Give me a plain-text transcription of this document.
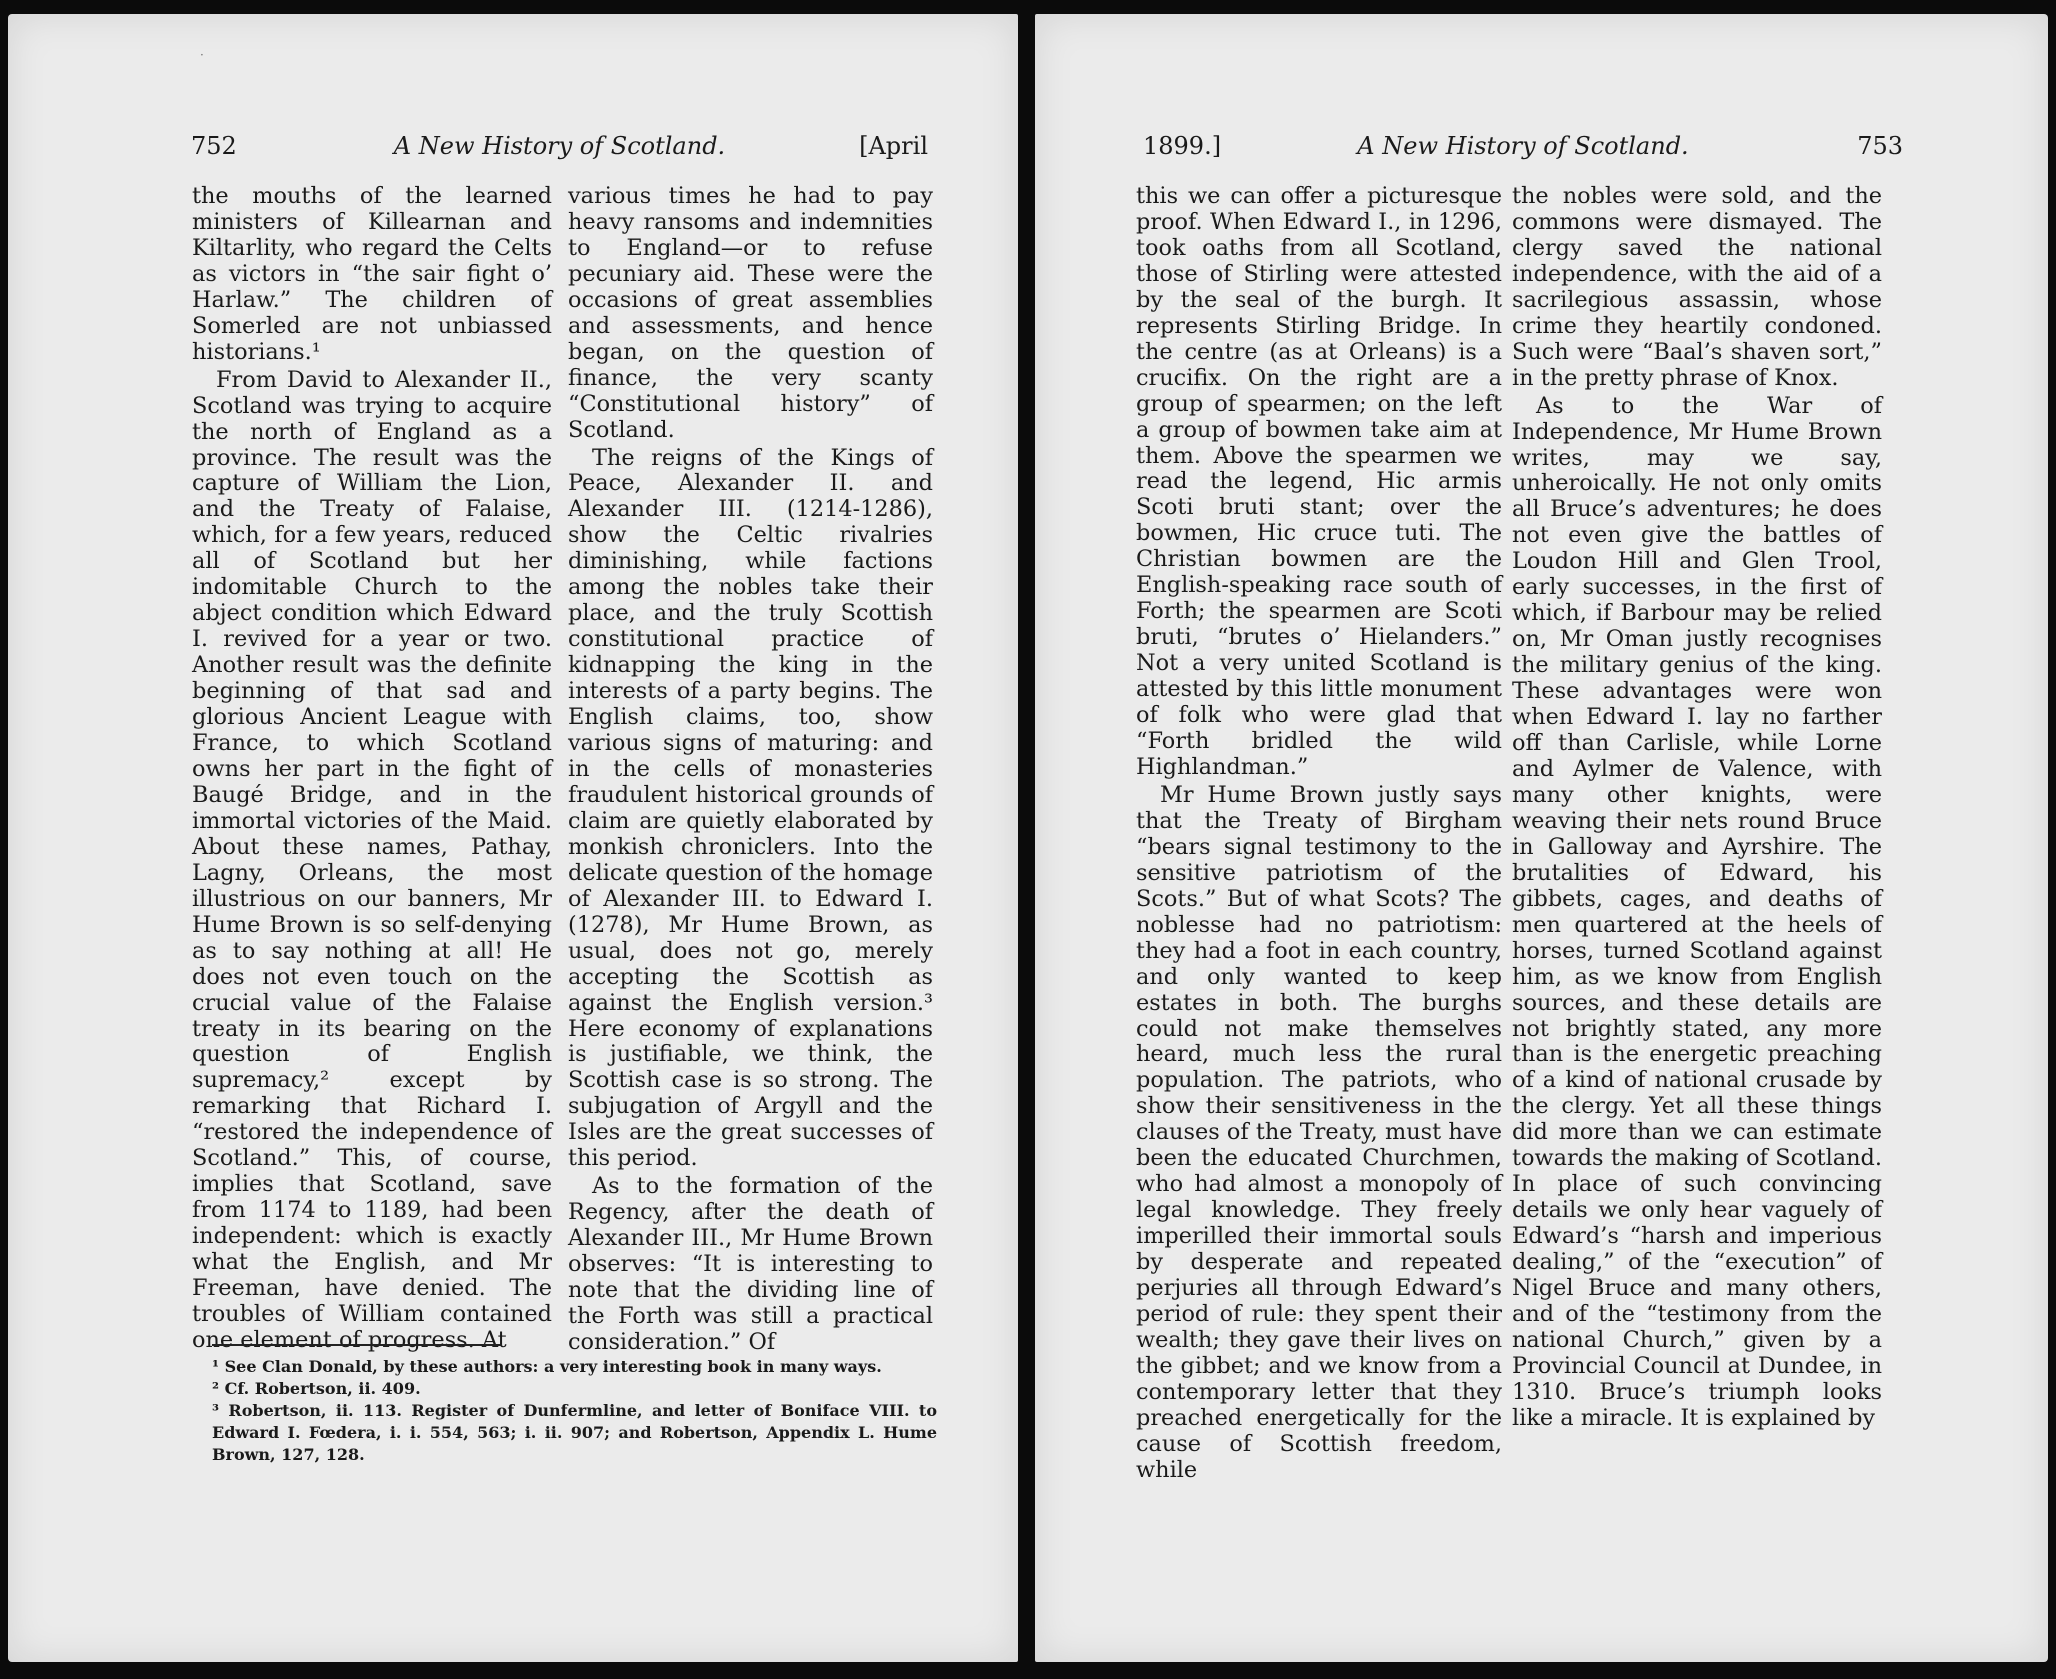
752	A New History of Scotland.	[April

the mouths of the learned ministers of Killearnan and Kiltarlity, who regard the Celts as victors in “the sair fight o’ Harlaw.” The children of Somerled are not unbiassed historians.¹

From David to Alexander II., Scotland was trying to acquire the north of England as a province. The result was the capture of William the Lion, and the Treaty of Falaise, which, for a few years, reduced all of Scotland but her indomitable Church to the abject condition which Edward I. revived for a year or two. Another result was the definite beginning of that sad and glorious Ancient League with France, to which Scotland owns her part in the fight of Baugé Bridge, and in the immortal victories of the Maid. About these names, Pathay, Lagny, Orleans, the most illustrious on our banners, Mr Hume Brown is so self-denying as to say nothing at all! He does not even touch on the crucial value of the Falaise treaty in its bearing on the question of English supremacy,² except by remarking that Richard I. “restored the independence of Scotland.” This, of course, implies that Scotland, save from 1174 to 1189, had been independent: which is exactly what the English, and Mr Freeman, have denied. The troubles of William contained one element of progress. At

various times he had to pay heavy ransoms and indemnities to England—or to refuse pecuniary aid. These were the occasions of great assemblies and assessments, and hence began, on the question of finance, the very scanty “Constitutional history” of Scotland.

The reigns of the Kings of Peace, Alexander II. and Alexander III. (1214-1286), show the Celtic rivalries diminishing, while factions among the nobles take their place, and the truly Scottish constitutional practice of kidnapping the king in the interests of a party begins. The English claims, too, show various signs of maturing: and in the cells of monasteries fraudulent historical grounds of claim are quietly elaborated by monkish chroniclers. Into the delicate question of the homage of Alexander III. to Edward I. (1278), Mr Hume Brown, as usual, does not go, merely accepting the Scottish as against the English version.³ Here economy of explanations is justifiable, we think, the Scottish case is so strong. The subjugation of Argyll and the Isles are the great successes of this period.

As to the formation of the Regency, after the death of Alexander III., Mr Hume Brown observes: “It is interesting to note that the dividing line of the Forth was still a practical consideration.” Of

¹ See Clan Donald, by these authors: a very interesting book in many ways.

² Cf. Robertson, ii. 409.

³ Robertson, ii. 113. Register of Dunfermline, and letter of Boniface VIII. to Edward I. Fœdera, i. i. 554, 563; i. ii. 907; and Robertson, Appendix L. Hume Brown, 127, 128.

·
1899.]	A New History of Scotland.	753

this we can offer a picturesque proof. When Edward I., in 1296, took oaths from all Scotland, those of Stirling were attested by the seal of the burgh. It represents Stirling Bridge. In the centre (as at Orleans) is a crucifix. On the right are a group of spearmen; on the left a group of bowmen take aim at them. Above the spearmen we read the legend, Hic armis Scoti bruti stant; over the bowmen, Hic cruce tuti. The Christian bowmen are the English-speaking race south of Forth; the spearmen are Scoti bruti, “brutes o’ Hielanders.” Not a very united Scotland is attested by this little monument of folk who were glad that “Forth bridled the wild Highlandman.”

Mr Hume Brown justly says that the Treaty of Birgham “bears signal testimony to the sensitive patriotism of the Scots.” But of what Scots? The noblesse had no patriotism: they had a foot in each country, and only wanted to keep estates in both. The burghs could not make themselves heard, much less the rural population. The patriots, who show their sensitiveness in the clauses of the Treaty, must have been the educated Churchmen, who had almost a monopoly of legal knowledge. They freely imperilled their immortal souls by desperate and repeated perjuries all through Edward’s period of rule: they spent their wealth; they gave their lives on the gibbet; and we know from a contemporary letter that they preached energetically for the cause of Scottish freedom, while

the nobles were sold, and the commons were dismayed. The clergy saved the national independence, with the aid of a sacrilegious assassin, whose crime they heartily condoned. Such were “Baal’s shaven sort,” in the pretty phrase of Knox.

As to the War of Independence, Mr Hume Brown writes, may we say, unheroically. He not only omits all Bruce’s adventures; he does not even give the battles of Loudon Hill and Glen Trool, early successes, in the first of which, if Barbour may be relied on, Mr Oman justly recognises the military genius of the king. These advantages were won when Edward I. lay no farther off than Carlisle, while Lorne and Aylmer de Valence, with many other knights, were weaving their nets round Bruce in Galloway and Ayrshire. The brutalities of Edward, his gibbets, cages, and deaths of men quartered at the heels of horses, turned Scotland against him, as we know from English sources, and these details are not brightly stated, any more than is the energetic preaching of a kind of national crusade by the clergy. Yet all these things did more than we can estimate towards the making of Scotland. In place of such convincing details we only hear vaguely of Edward’s “harsh and imperious dealing,” of the “execution” of Nigel Bruce and many others, and of the “testimony from the national Church,” given by a Provincial Council at Dundee, in 1310. Bruce’s triumph looks like a miracle. It is explained by
